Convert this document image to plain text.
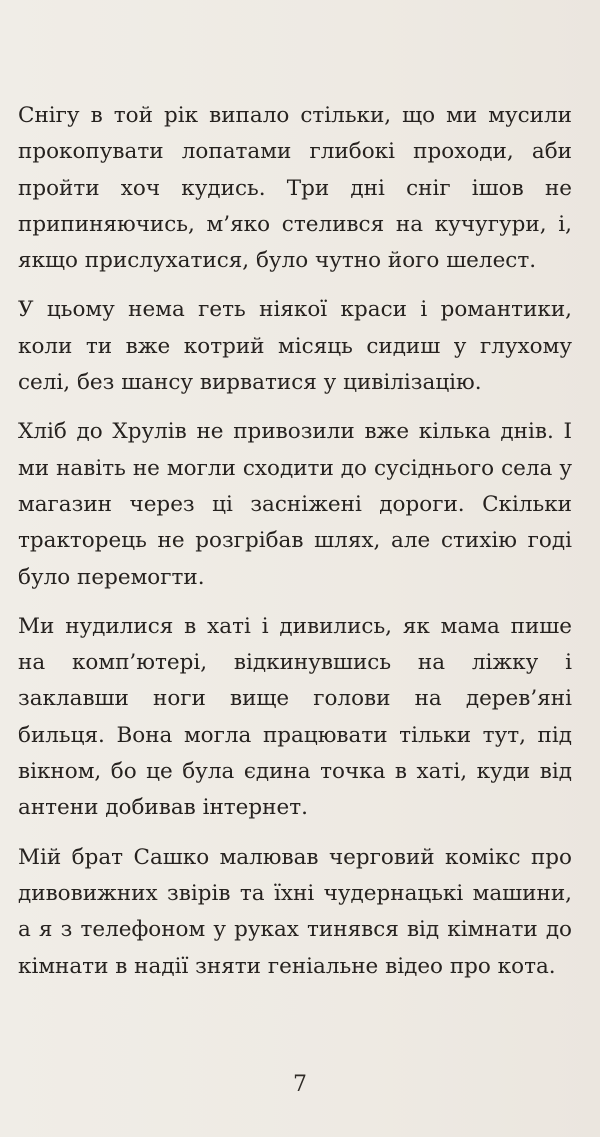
Снігу в той рік випало стільки, що ми мусили прокопувати лопатами глибокі проходи, аби пройти хоч кудись. Три дні сніг ішов не припиняючись, м’яко стелився на кучугури, і, якщо прислухатися, було чутно його шелест.

У цьому нема геть ніякої краси і романтики, коли ти вже котрий місяць сидиш у глухому селі, без шансу вирватися у цивілізацію.

Хліб до Хрулів не привозили вже кілька днів. І ми навіть не могли сходити до сусіднього села у магазин через ці засніжені дороги. Скільки тракторець не розгрібав шлях, але стихію годі було перемогти.

Ми нудилися в хаті і дивились, як мама пише на комп’ютері, відкинувшись на ліжку і заклавши ноги вище голови на дерев’яні бильця. Вона могла працювати тільки тут, під вікном, бо це була єдина точка в хаті, куди від антени добивав інтернет.

Мій брат Сашко малював черговий комікс про дивовижних звірів та їхні чудернацькі машини, а я з телефоном у руках тинявся від кімнати до кімнати в надії зняти геніальне відео про кота.

7
